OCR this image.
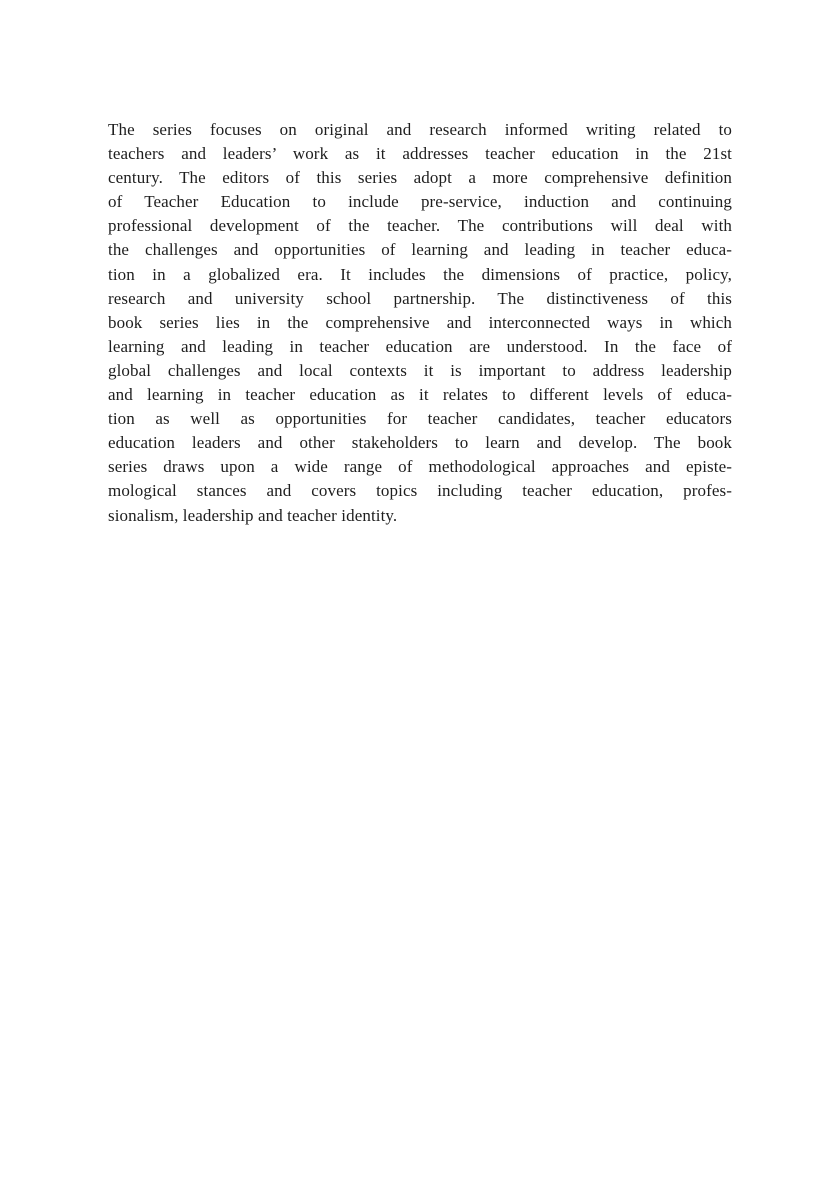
The series focuses on original and research informed writing related to
teachers and leaders’ work as it addresses teacher education in the 21st
century. The editors of this series adopt a more comprehensive definition
of Teacher Education to include pre-service, induction and continuing
professional development of the teacher. The contributions will deal with
the challenges and opportunities of learning and leading in teacher educa-
tion in a globalized era. It includes the dimensions of practice, policy,
research and university school partnership. The distinctiveness of this
book series lies in the comprehensive and interconnected ways in which
learning and leading in teacher education are understood. In the face of
global challenges and local contexts it is important to address leadership
and learning in teacher education as it relates to different levels of educa-
tion as well as opportunities for teacher candidates, teacher educators
education leaders and other stakeholders to learn and develop. The book
series draws upon a wide range of methodological approaches and episte-
mological stances and covers topics including teacher education, profes-
sionalism, leadership and teacher identity.
